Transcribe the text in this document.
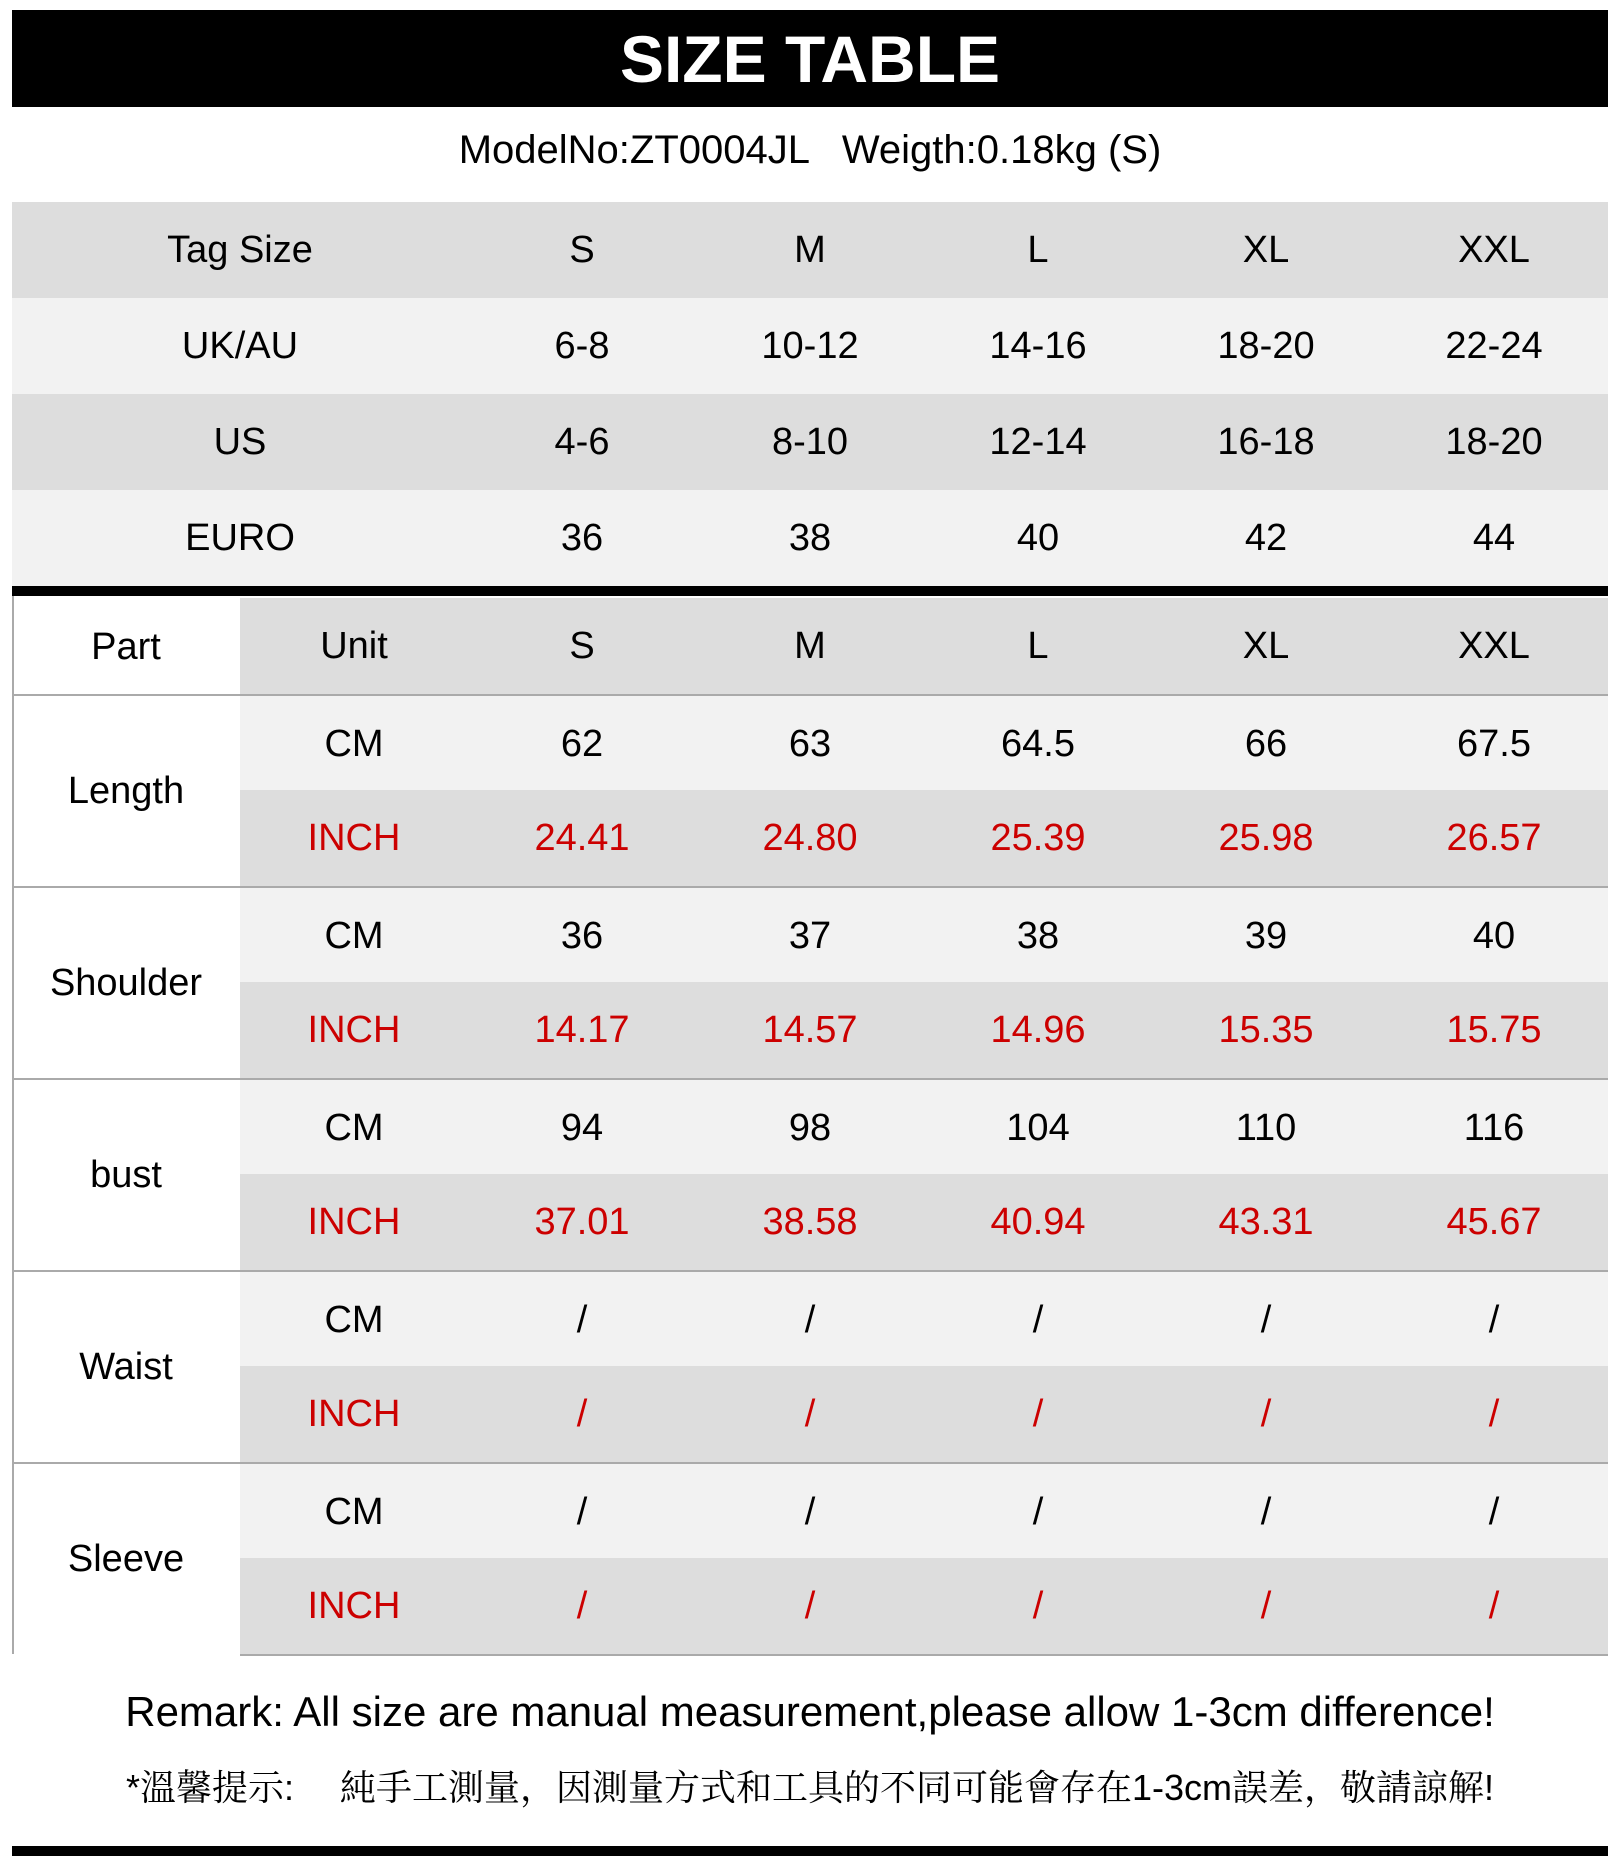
SIZE TABLE
ModelNo:ZT0004JL   Weigth:0.18kg (S)
Tag Size	S	M	L	XL	XXL
UK/AU	6-8	10-12	14-16	18-20	22-24
US	4-6	8-10	12-14	16-18	18-20
EURO	36	38	40	42	44
Part	Unit	S	M	L	XL	XXL
Length
CM	62	63	64.5	66	67.5
INCH	24.41	24.80	25.39	25.98	26.57
Shoulder
CM	36	37	38	39	40
INCH	14.17	14.57	14.96	15.35	15.75
bust
CM	94	98	104	110	116
INCH	37.01	38.58	40.94	43.31	45.67
Waist
CM	/	/	/	/	/
INCH	/	/	/	/	/
Sleeve
CM	/	/	/	/	/
INCH	/	/	/	/	/
Remark: All size are manual measurement,please allow 1-3cm difference!
*溫馨提示:　 純手工測量，因測量方式和工具的不同可能會存在1-3cm誤差，敬請諒解!
